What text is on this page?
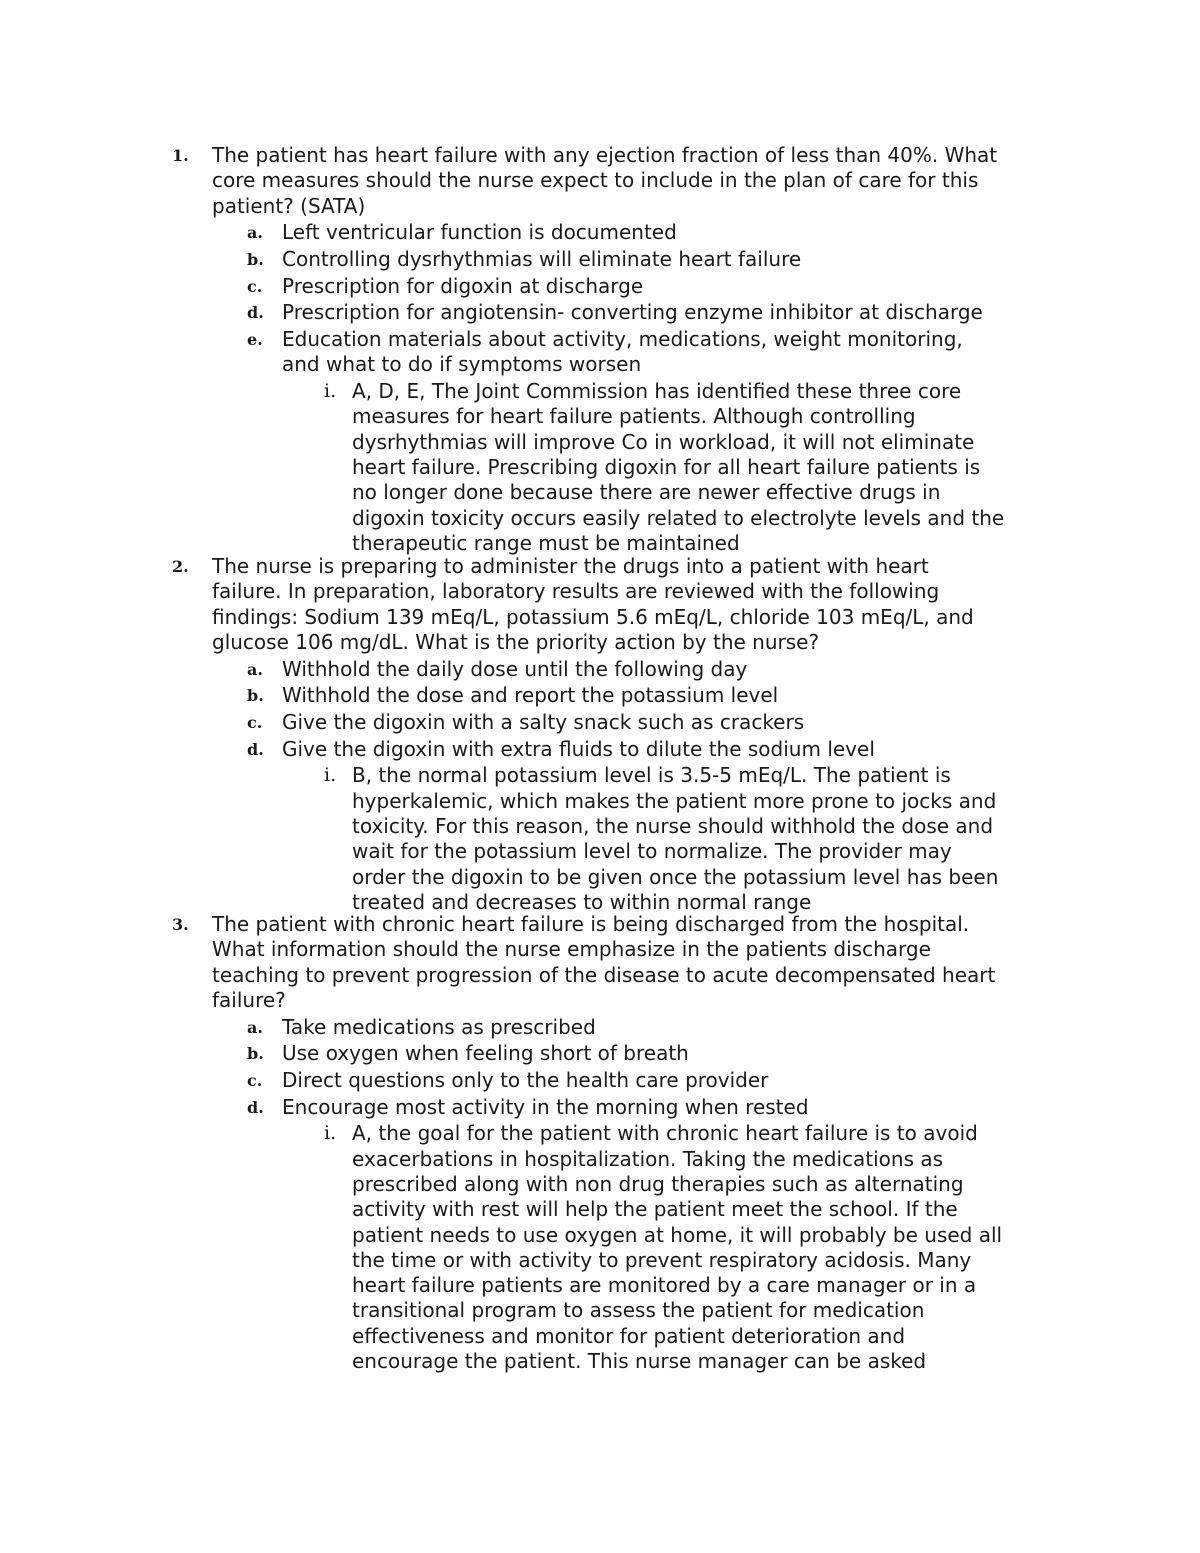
1. The patient has heart failure with any ejection fraction of less than 40%. What
core measures should the nurse expect to include in the plan of care for this
patient? (SATA)
a. Left ventricular function is documented
b. Controlling dysrhythmias will eliminate heart failure
c. Prescription for digoxin at discharge
d. Prescription for angiotensin- converting enzyme inhibitor at discharge
e. Education materials about activity, medications, weight monitoring,
and what to do if symptoms worsen
i. A, D, E, The Joint Commission has identified these three core
measures for heart failure patients. Although controlling
dysrhythmias will improve Co in workload, it will not eliminate
heart failure. Prescribing digoxin for all heart failure patients is
no longer done because there are newer effective drugs in
digoxin toxicity occurs easily related to electrolyte levels and the
therapeutic range must be maintained
2. The nurse is preparing to administer the drugs into a patient with heart
failure. In preparation, laboratory results are reviewed with the following
findings: Sodium 139 mEq/L, potassium 5.6 mEq/L, chloride 103 mEq/L, and
glucose 106 mg/dL. What is the priority action by the nurse?
a. Withhold the daily dose until the following day
b. Withhold the dose and report the potassium level
c. Give the digoxin with a salty snack such as crackers
d. Give the digoxin with extra fluids to dilute the sodium level
i. B, the normal potassium level is 3.5-5 mEq/L. The patient is
hyperkalemic, which makes the patient more prone to jocks and
toxicity. For this reason, the nurse should withhold the dose and
wait for the potassium level to normalize. The provider may
order the digoxin to be given once the potassium level has been
treated and decreases to within normal range
3. The patient with chronic heart failure is being discharged from the hospital.
What information should the nurse emphasize in the patients discharge
teaching to prevent progression of the disease to acute decompensated heart
failure?
a. Take medications as prescribed
b. Use oxygen when feeling short of breath
c. Direct questions only to the health care provider
d. Encourage most activity in the morning when rested
i. A, the goal for the patient with chronic heart failure is to avoid
exacerbations in hospitalization. Taking the medications as
prescribed along with non drug therapies such as alternating
activity with rest will help the patient meet the school. If the
patient needs to use oxygen at home, it will probably be used all
the time or with activity to prevent respiratory acidosis. Many
heart failure patients are monitored by a care manager or in a
transitional program to assess the patient for medication
effectiveness and monitor for patient deterioration and
encourage the patient. This nurse manager can be asked
